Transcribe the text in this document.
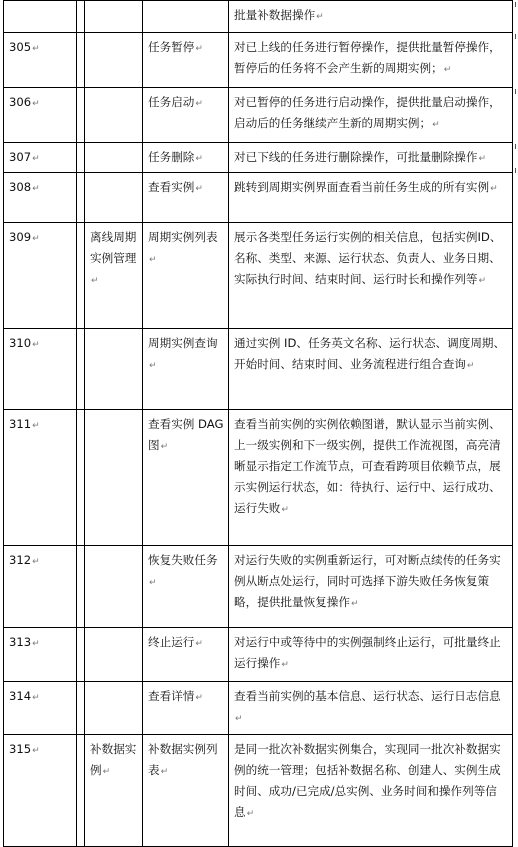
				批量补数据操作↵
305↵			任务暂停↵	对已上线的任务进行暂停操作，提供批量暂停操作，暂停后的任务将不会产生新的周期实例；↵
306↵			任务启动↵	对已暂停的任务进行启动操作，提供批量启动操作，启动后的任务继续产生新的周期实例；↵
307↵			任务删除↵	对已下线的任务进行删除操作，可批量删除操作↵
308↵			查看实例↵	跳转到周期实例界面查看当前任务生成的所有实例↵
309↵		离线周期实例管理↵	周期实例列表↵	展示各类型任务运行实例的相关信息，包括实例ID、名称、类型、来源、运行状态、负责人、业务日期、实际执行时间、结束时间、运行时长和操作列等↵
310↵			周期实例查询↵	通过实例 ID、任务英文名称、运行状态、调度周期、开始时间、结束时间、业务流程进行组合查询↵
311↵			查看实例 DAG 图↵	查看当前实例的实例依赖图谱，默认显示当前实例、上一级实例和下一级实例，提供工作流视图，高亮清晰显示指定工作流节点，可查看跨项目依赖节点，展示实例运行状态，如：待执行、运行中、运行成功、运行失败↵
312↵			恢复失败任务↵	对运行失败的实例重新运行，可对断点续传的任务实例从断点处运行，同时可选择下游失败任务恢复策略，提供批量恢复操作↵
313↵			终止运行↵	对运行中或等待中的实例强制终止运行，可批量终止运行操作↵
314↵			查看详情↵	查看当前实例的基本信息、运行状态、运行日志信息↵
315↵		补数据实例↵	补数据实例列表↵	是同一批次补数据实例集合，实现同一批次补数据实例的统一管理；包括补数据名称、创建人、实例生成时间、成功/已完成/总实例、业务时间和操作列等信息↵
